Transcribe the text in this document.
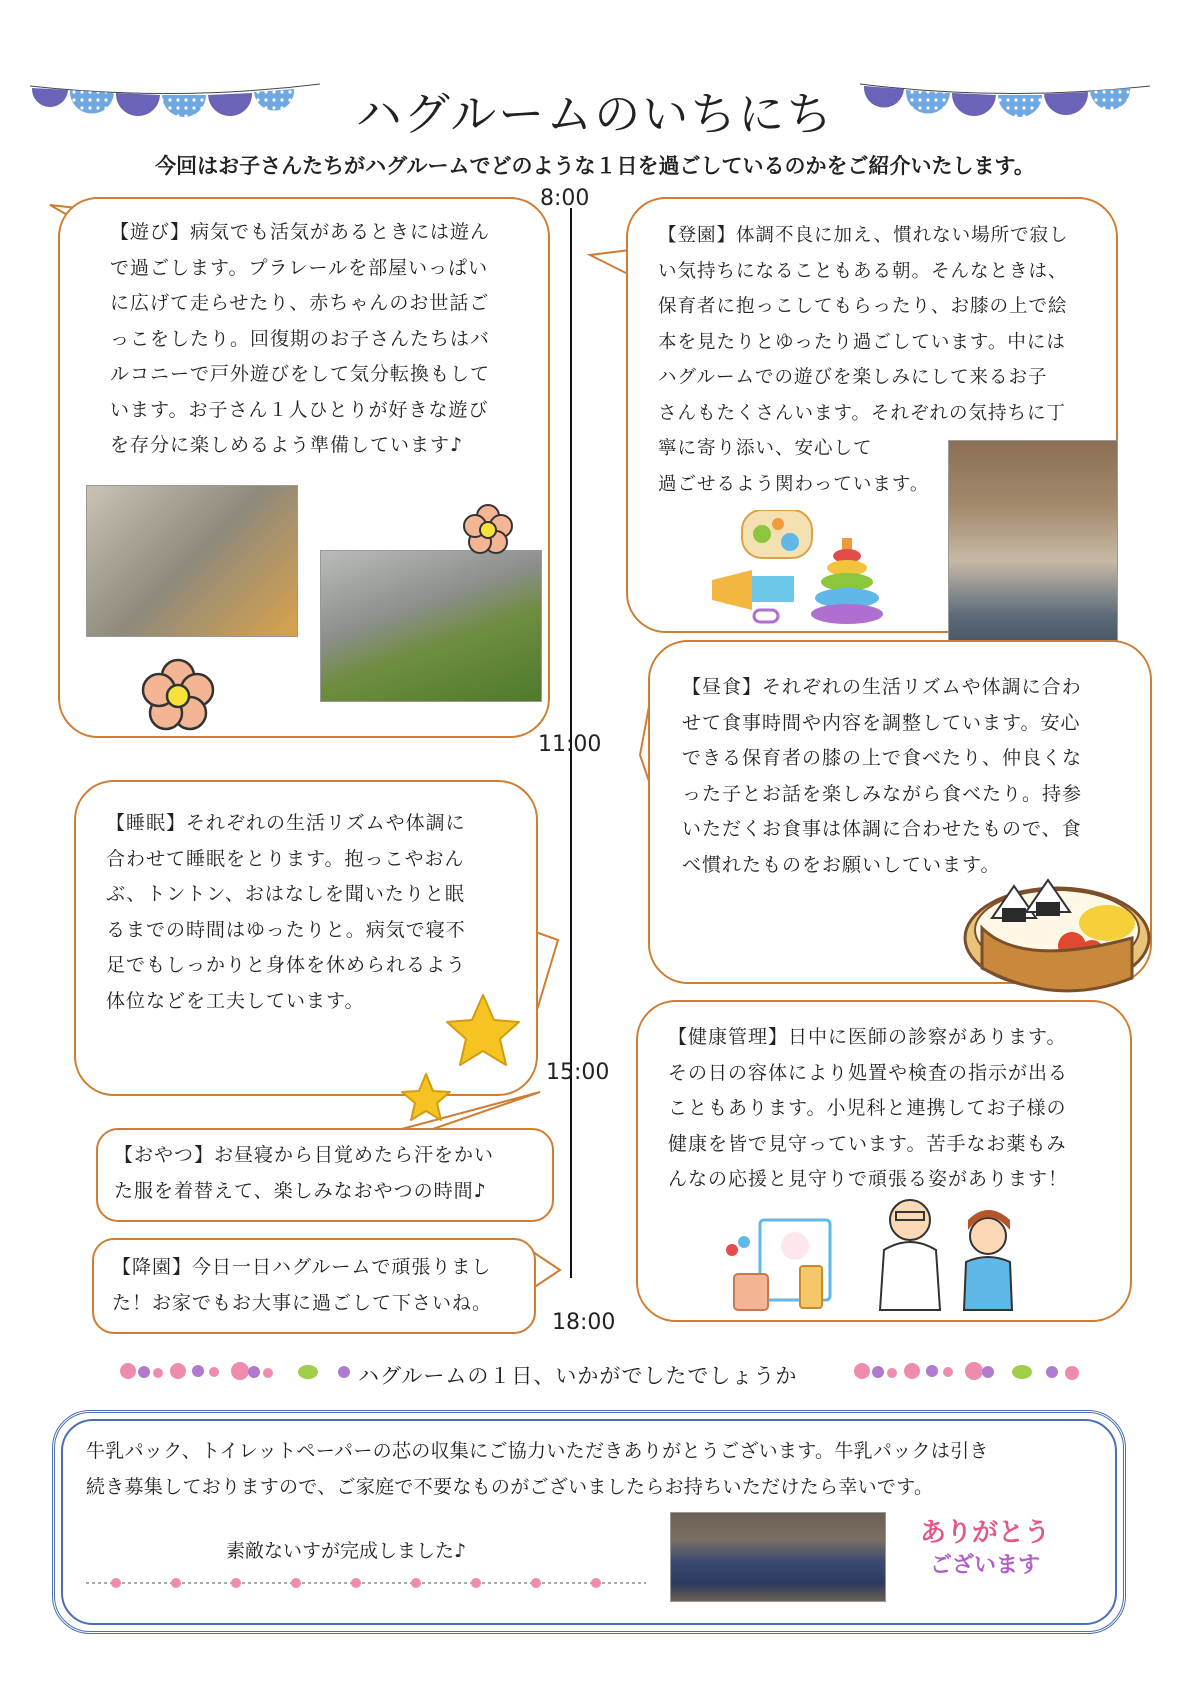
ハグルームのいちにち
今回はお子さんたちがハグルームでどのような１日を過ごしているのかをご紹介いたします。
8:00
11:00
15:00
18:00
【遊び】病気でも活気があるときには遊ん
で過ごします。プラレールを部屋いっぱい
に広げて走らせたり、赤ちゃんのお世話ご
っこをしたり。回復期のお子さんたちはバ
ルコニーで戸外遊びをして気分転換もして
います。お子さん１人ひとりが好きな遊び
を存分に楽しめるよう準備しています♪
【登園】体調不良に加え、慣れない場所で寂し
い気持ちになることもある朝。そんなときは、
保育者に抱っこしてもらったり、お膝の上で絵
本を見たりとゆったり過ごしています。中には
ハグルームでの遊びを楽しみにして来るお子
さんもたくさんいます。それぞれの気持ちに丁
寧に寄り添い、安心して
過ごせるよう関わっています。
【昼食】それぞれの生活リズムや体調に合わ
せて食事時間や内容を調整しています。安心
できる保育者の膝の上で食べたり、仲良くな
った子とお話を楽しみながら食べたり。持参
いただくお食事は体調に合わせたもので、食
べ慣れたものをお願いしています。
【睡眠】それぞれの生活リズムや体調に
合わせて睡眠をとります。抱っこやおん
ぶ、トントン、おはなしを聞いたりと眠
るまでの時間はゆったりと。病気で寝不
足でもしっかりと身体を休められるよう
体位などを工夫しています。
【健康管理】日中に医師の診察があります。
その日の容体により処置や検査の指示が出る
こともあります。小児科と連携してお子様の
健康を皆で見守っています。苦手なお薬もみ
んなの応援と見守りで頑張る姿があります！
【おやつ】お昼寝から目覚めたら汗をかい
た服を着替えて、楽しみなおやつの時間♪
【降園】今日一日ハグルームで頑張りまし
た！お家でもお大事に過ごして下さいね。
ハグルームの１日、いかがでしたでしょうか
牛乳パック、トイレットペーパーの芯の収集にご協力いただきありがとうございます。牛乳パックは引き
続き募集しておりますので、ご家庭で不要なものがございましたらお持ちいただけたら幸いです。
素敵ないすが完成しました♪
ありがとう
ございます
